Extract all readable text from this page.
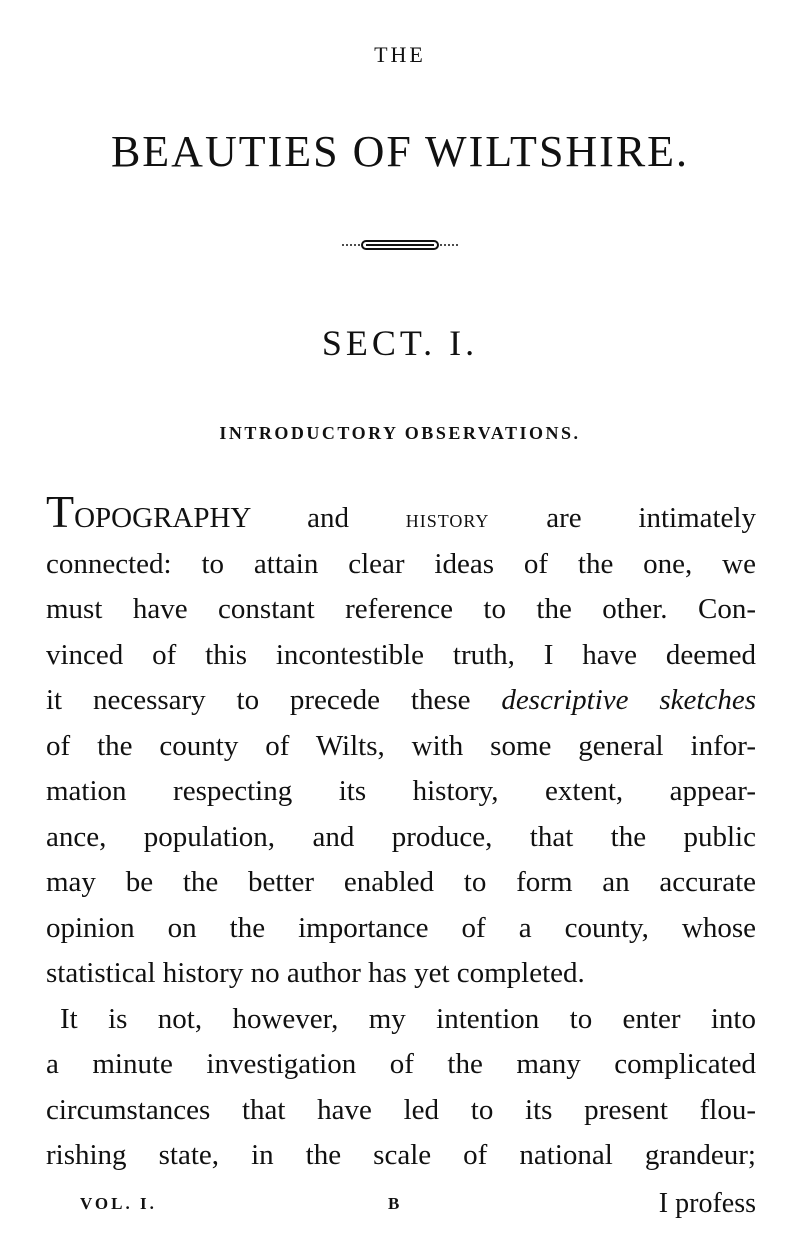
THE
BEAUTIES OF WILTSHIRE.
SECT. I.
INTRODUCTORY OBSERVATIONS.
TOPOGRAPHY and history are intimately
connected: to attain clear ideas of the one, we
must have constant reference to the other. Con-
vinced of this incontestible truth, I have deemed
it necessary to precede these descriptive sketches
of the county of Wilts, with some general infor-
mation respecting its history, extent, appear-
ance, population, and produce, that the public
may be the better enabled to form an accurate
opinion on the importance of a county, whose
statistical history no author has yet completed.
It is not, however, my intention to enter into
a minute investigation of the many complicated
circumstances that have led to its present flou-
rishing state, in the scale of national grandeur;
VOL. I.	B	I profess
